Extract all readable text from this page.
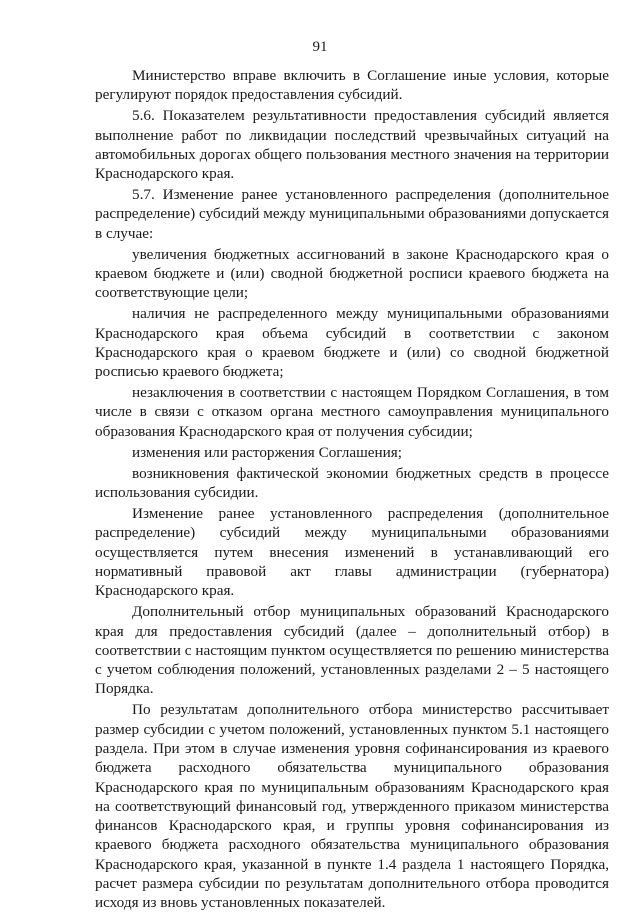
91

Министерство вправе включить в Соглашение иные условия, которые регулируют порядок предоставления субсидий.

5.6. Показателем результативности предоставления субсидий является выполнение работ по ликвидации последствий чрезвычайных ситуаций на автомобильных дорогах общего пользования местного значения на территории Краснодарского края.

5.7. Изменение ранее установленного распределения (дополнительное распределение) субсидий между муниципальными образованиями допускается в случае:

увеличения бюджетных ассигнований в законе Краснодарского края о краевом бюджете и (или) сводной бюджетной росписи краевого бюджета на соответствующие цели;

наличия не распределенного между муниципальными образованиями Краснодарского края объема субсидий в соответствии с законом Краснодарского края о краевом бюджете и (или) со сводной бюджетной росписью краевого бюджета;

незаключения в соответствии с настоящем Порядком Соглашения, в том числе в связи с отказом органа местного самоуправления муниципального образования Краснодарского края от получения субсидии;

изменения или расторжения Соглашения;

возникновения фактической экономии бюджетных средств в процессе использования субсидии.

Изменение ранее установленного распределения (дополнительное распределение) субсидий между муниципальными образованиями осуществляется путем внесения изменений в устанавливающий его нормативный правовой акт главы администрации (губернатора) Краснодарского края.

Дополнительный отбор муниципальных образований Краснодарского края для предоставления субсидий (далее – дополнительный отбор) в соответствии с настоящим пунктом осуществляется по решению министерства с учетом соблюдения положений, установленных разделами 2 – 5 настоящего Порядка.

По результатам дополнительного отбора министерство рассчитывает размер субсидии с учетом положений, установленных пунктом 5.1 настоящего раздела. При этом в случае изменения уровня софинансирования из краевого бюджета расходного обязательства муниципального образования Краснодарского края по муниципальным образованиям Краснодарского края на соответствующий финансовый год, утвержденного приказом министерства финансов Краснодарского края, и группы уровня софинансирования из краевого бюджета расходного обязательства муниципального образования Краснодарского края, указанной в пункте 1.4 раздела 1 настоящего Порядка, расчет размера субсидии по результатам дополнительного отбора проводится исходя из вновь установленных показателей.
